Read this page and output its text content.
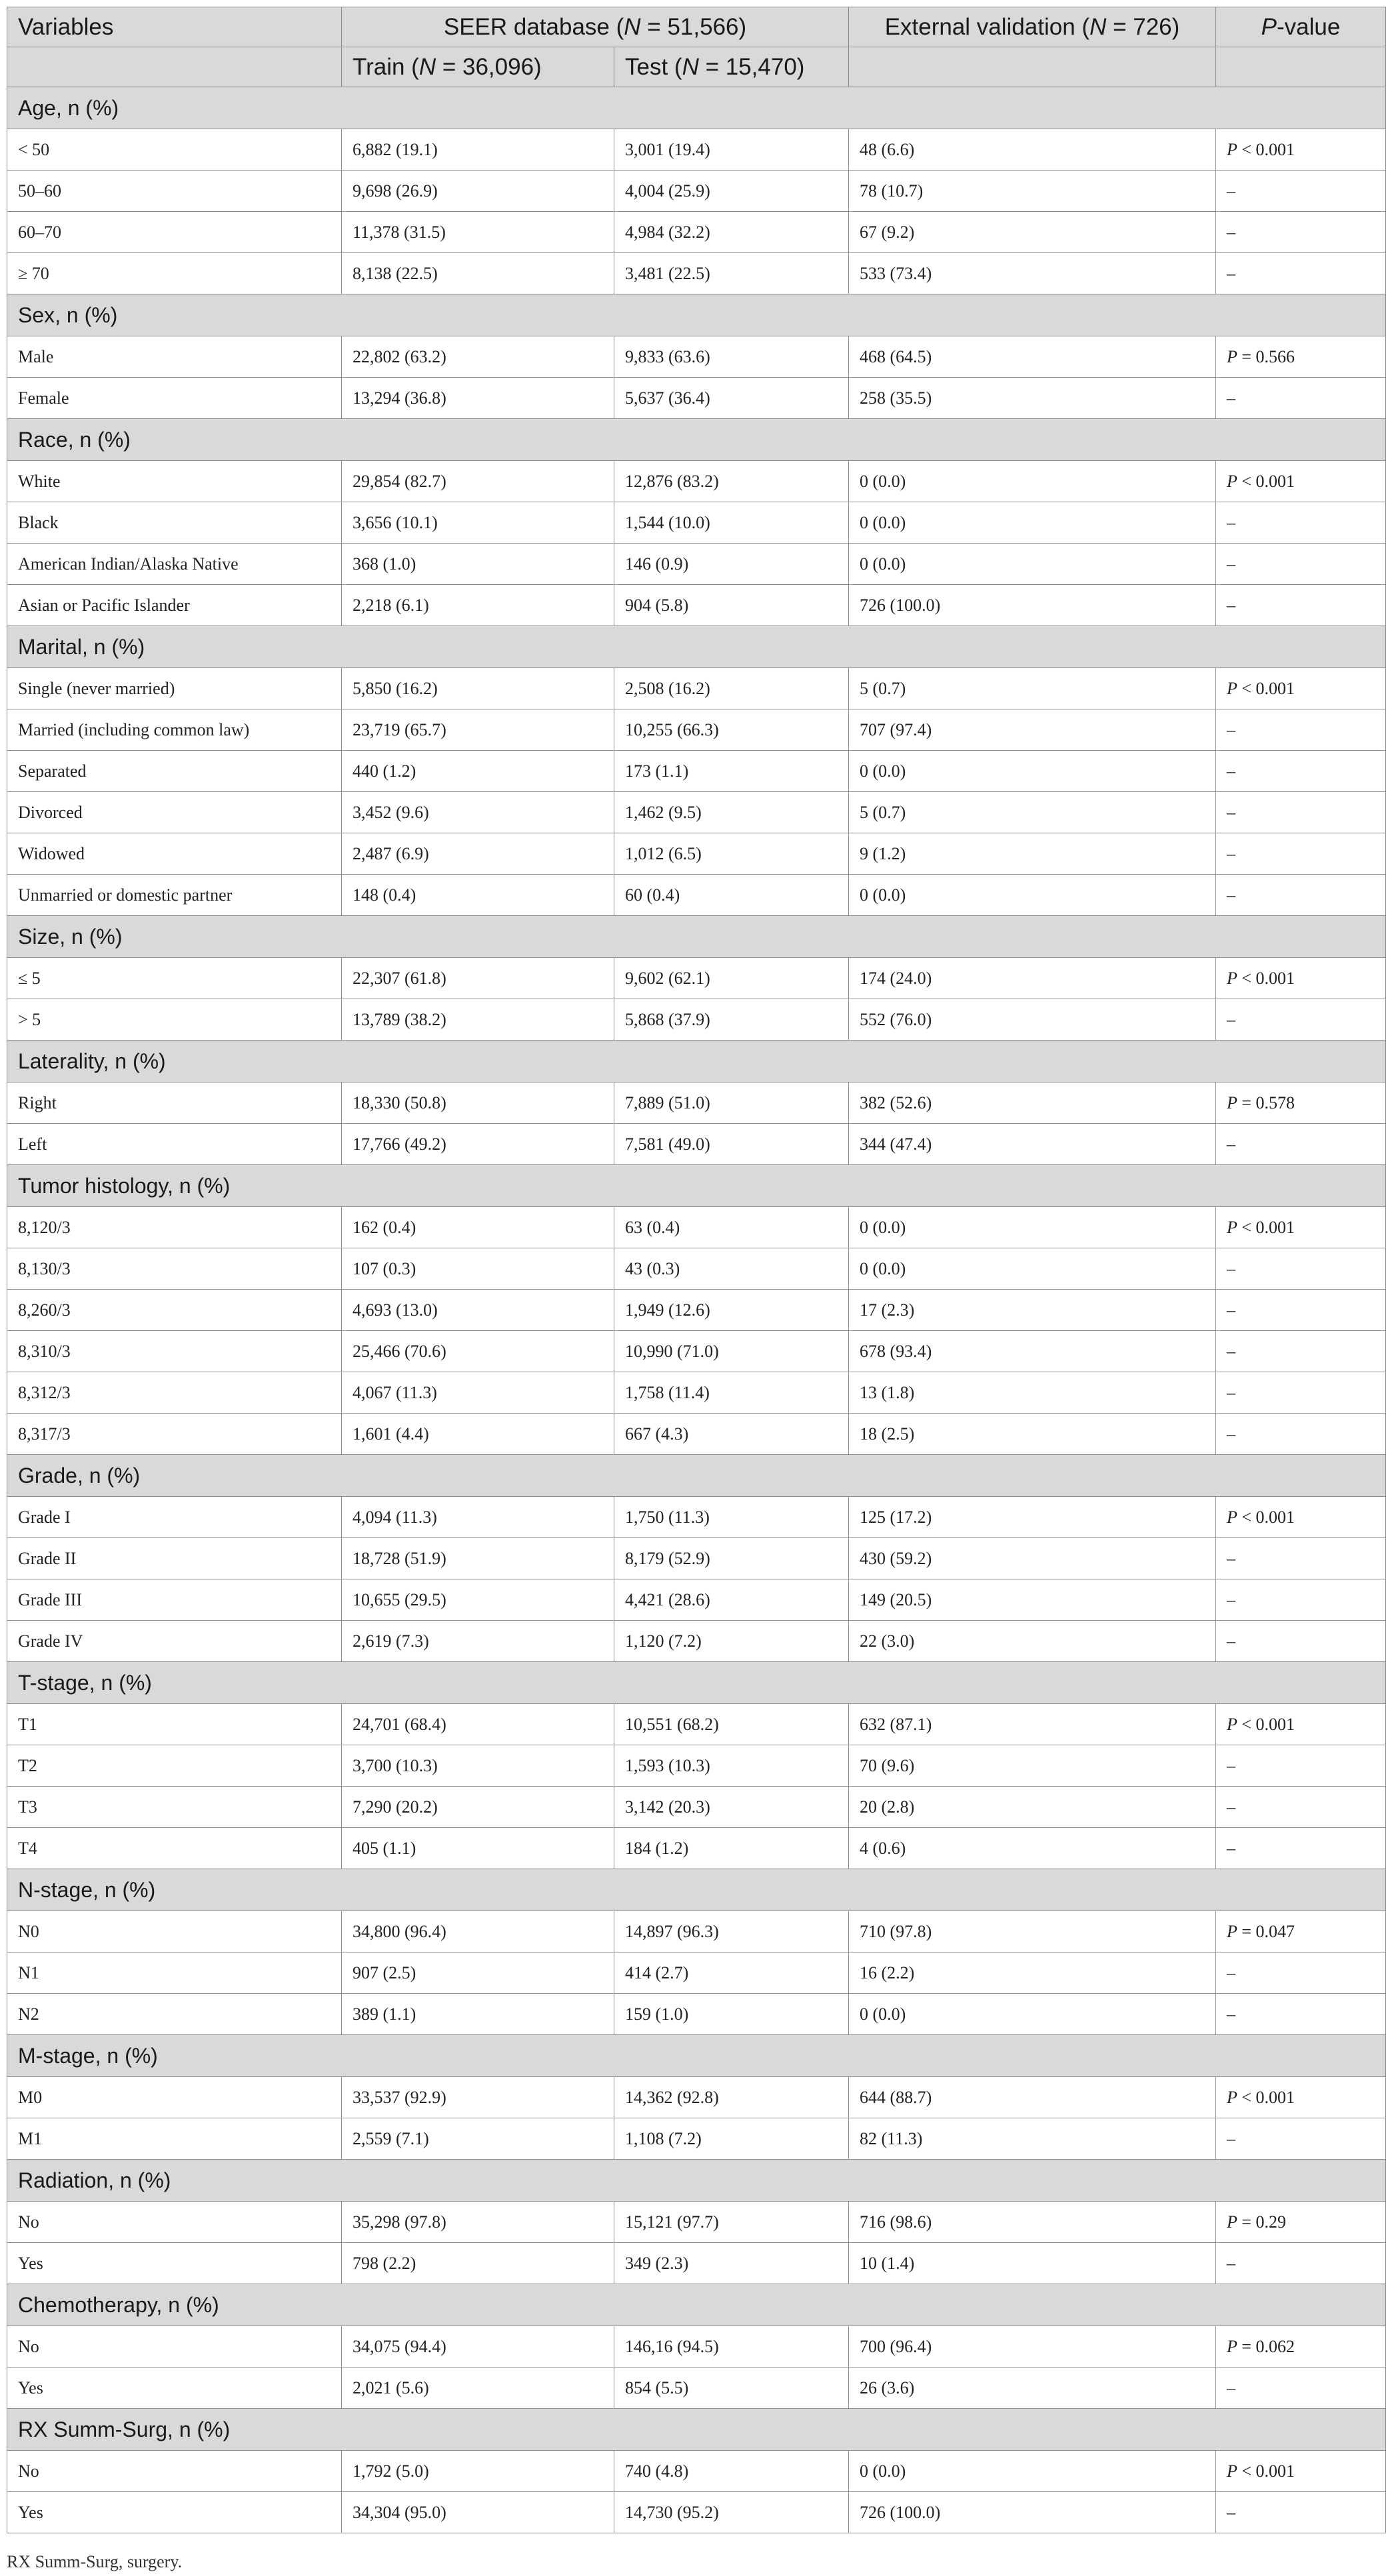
Variables	SEER database (N = 51,566)		External validation (N = 726)	P-value
	Train (N = 36,096)	Test (N = 15,470)		
Age, n (%)				
< 50	6,882 (19.1)	3,001 (19.4)	48 (6.6)	P < 0.001
50–60	9,698 (26.9)	4,004 (25.9)	78 (10.7)	–
60–70	11,378 (31.5)	4,984 (32.2)	67 (9.2)	–
≥ 70	8,138 (22.5)	3,481 (22.5)	533 (73.4)	–
Sex, n (%)				
Male	22,802 (63.2)	9,833 (63.6)	468 (64.5)	P = 0.566
Female	13,294 (36.8)	5,637 (36.4)	258 (35.5)	–
Race, n (%)				
White	29,854 (82.7)	12,876 (83.2)	0 (0.0)	P < 0.001
Black	3,656 (10.1)	1,544 (10.0)	0 (0.0)	–
American Indian/Alaska Native	368 (1.0)	146 (0.9)	0 (0.0)	–
Asian or Pacific Islander	2,218 (6.1)	904 (5.8)	726 (100.0)	–
Marital, n (%)				
Single (never married)	5,850 (16.2)	2,508 (16.2)	5 (0.7)	P < 0.001
Married (including common law)	23,719 (65.7)	10,255 (66.3)	707 (97.4)	–
Separated	440 (1.2)	173 (1.1)	0 (0.0)	–
Divorced	3,452 (9.6)	1,462 (9.5)	5 (0.7)	–
Widowed	2,487 (6.9)	1,012 (6.5)	9 (1.2)	–
Unmarried or domestic partner	148 (0.4)	60 (0.4)	0 (0.0)	–
Size, n (%)				
≤ 5	22,307 (61.8)	9,602 (62.1)	174 (24.0)	P < 0.001
> 5	13,789 (38.2)	5,868 (37.9)	552 (76.0)	–
Laterality, n (%)				
Right	18,330 (50.8)	7,889 (51.0)	382 (52.6)	P = 0.578
Left	17,766 (49.2)	7,581 (49.0)	344 (47.4)	–
Tumor histology, n (%)				
8,120/3	162 (0.4)	63 (0.4)	0 (0.0)	P < 0.001
8,130/3	107 (0.3)	43 (0.3)	0 (0.0)	–
8,260/3	4,693 (13.0)	1,949 (12.6)	17 (2.3)	–
8,310/3	25,466 (70.6)	10,990 (71.0)	678 (93.4)	–
8,312/3	4,067 (11.3)	1,758 (11.4)	13 (1.8)	–
8,317/3	1,601 (4.4)	667 (4.3)	18 (2.5)	–
Grade, n (%)				
Grade I	4,094 (11.3)	1,750 (11.3)	125 (17.2)	P < 0.001
Grade II	18,728 (51.9)	8,179 (52.9)	430 (59.2)	–
Grade III	10,655 (29.5)	4,421 (28.6)	149 (20.5)	–
Grade IV	2,619 (7.3)	1,120 (7.2)	22 (3.0)	–
T-stage, n (%)				
T1	24,701 (68.4)	10,551 (68.2)	632 (87.1)	P < 0.001
T2	3,700 (10.3)	1,593 (10.3)	70 (9.6)	–
T3	7,290 (20.2)	3,142 (20.3)	20 (2.8)	–
T4	405 (1.1)	184 (1.2)	4 (0.6)	–
N-stage, n (%)				
N0	34,800 (96.4)	14,897 (96.3)	710 (97.8)	P = 0.047
N1	907 (2.5)	414 (2.7)	16 (2.2)	–
N2	389 (1.1)	159 (1.0)	0 (0.0)	–
M-stage, n (%)				
M0	33,537 (92.9)	14,362 (92.8)	644 (88.7)	P < 0.001
M1	2,559 (7.1)	1,108 (7.2)	82 (11.3)	–
Radiation, n (%)				
No	35,298 (97.8)	15,121 (97.7)	716 (98.6)	P = 0.29
Yes	798 (2.2)	349 (2.3)	10 (1.4)	–
Chemotherapy, n (%)				
No	34,075 (94.4)	146,16 (94.5)	700 (96.4)	P = 0.062
Yes	2,021 (5.6)	854 (5.5)	26 (3.6)	–
RX Summ-Surg, n (%)				
No	1,792 (5.0)	740 (4.8)	0 (0.0)	P < 0.001
Yes	34,304 (95.0)	14,730 (95.2)	726 (100.0)	–
RX Summ-Surg, surgery.
